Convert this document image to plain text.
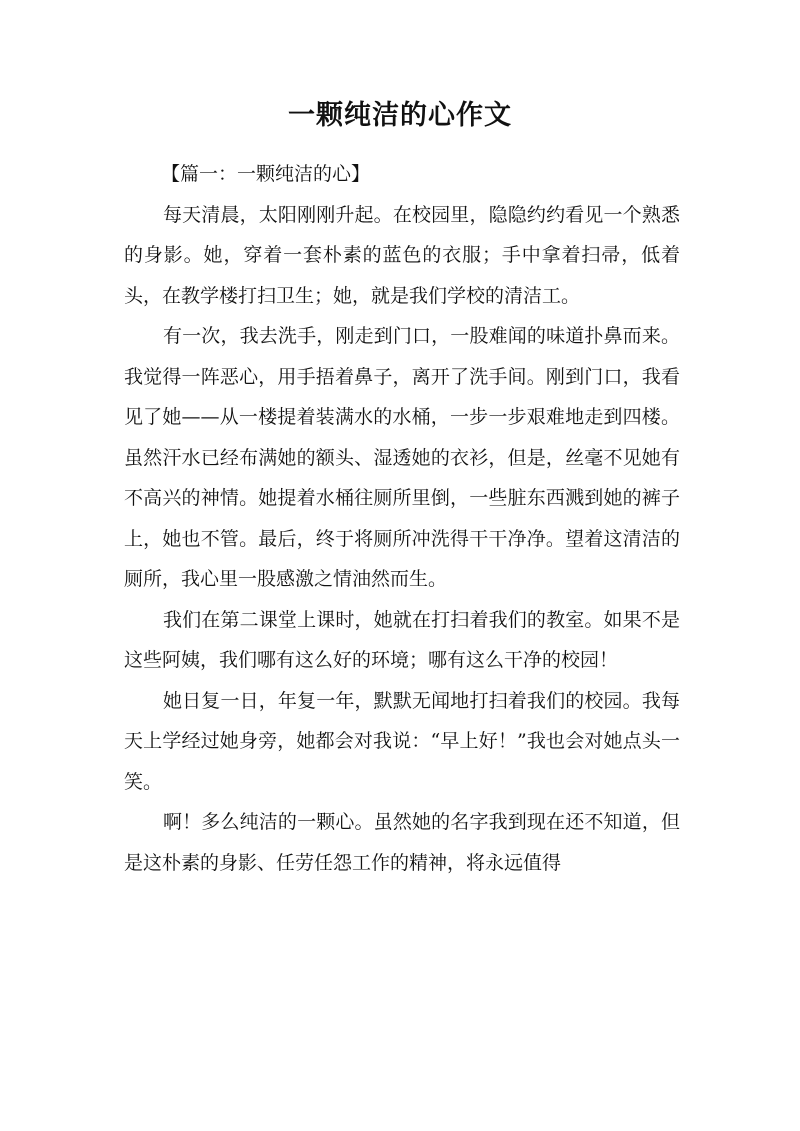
一颗纯洁的心作文

【篇一：一颗纯洁的心】

每天清晨，太阳刚刚升起。在校园里，隐隐约约看见一个熟悉的身影。她，穿着一套朴素的蓝色的衣服；手中拿着扫帚，低着头，在教学楼打扫卫生；她，就是我们学校的清洁工。

有一次，我去洗手，刚走到门口，一股难闻的味道扑鼻而来。我觉得一阵恶心，用手捂着鼻子，离开了洗手间。刚到门口，我看见了她——从一楼提着装满水的水桶，一步一步艰难地走到四楼。虽然汗水已经布满她的额头、湿透她的衣衫，但是，丝毫不见她有不高兴的神情。她提着水桶往厕所里倒，一些脏东西溅到她的裤子上，她也不管。最后，终于将厕所冲洗得干干净净。望着这清洁的厕所，我心里一股感激之情油然而生。

我们在第二课堂上课时，她就在打扫着我们的教室。如果不是这些阿姨，我们哪有这么好的环境；哪有这么干净的校园！

她日复一日，年复一年，默默无闻地打扫着我们的校园。我每天上学经过她身旁，她都会对我说：“早上好！”我也会对她点头一笑。

啊！多么纯洁的一颗心。虽然她的名字我到现在还不知道，但是这朴素的身影、任劳任怨工作的精神，将永远值得
